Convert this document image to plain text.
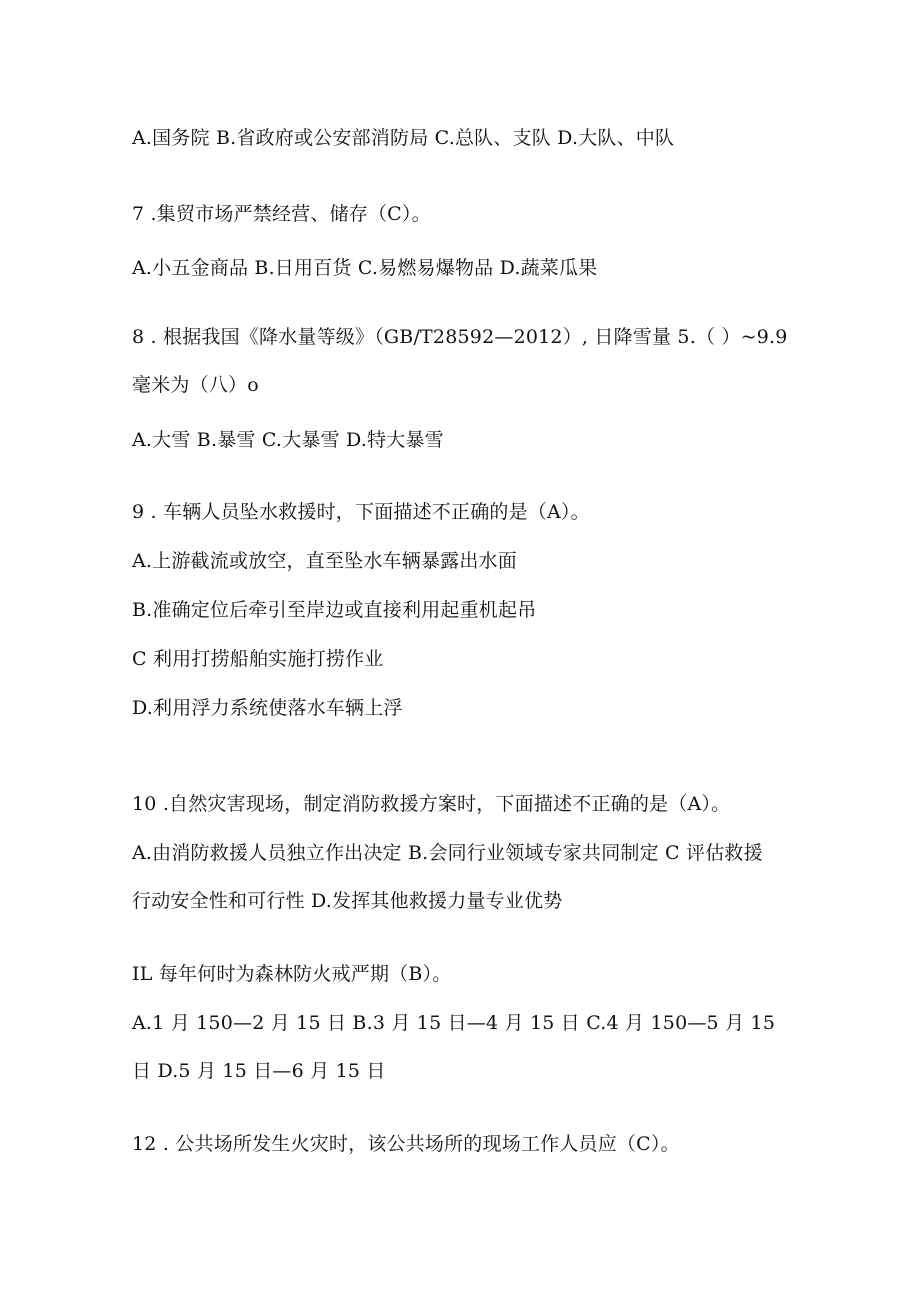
A.国务院 B.省政府或公安部消防局 C.总队、支队 D.大队、中队
7 .集贸市场严禁经营、储存（C）。
A.小五金商品 B.日用百货 C.易燃易爆物品 D.蔬菜瓜果
8 . 根据我国《降水量等级》（GB/T28592—2012）, 日降雪量 5.（ ）~9.9
毫米为（八）o
A.大雪 B.暴雪 C.大暴雪 D.特大暴雪
9 . 车辆人员坠水救援时，下面描述不正确的是（A）。
A.上游截流或放空，直至坠水车辆暴露出水面
B.准确定位后牵引至岸边或直接利用起重机起吊
C 利用打捞船舶实施打捞作业
D.利用浮力系统使落水车辆上浮
10 .自然灾害现场，制定消防救援方案时，下面描述不正确的是（A）。
A.由消防救援人员独立作出决定 B.会同行业领域专家共同制定 C 评估救援
行动安全性和可行性 D.发挥其他救援力量专业优势
IL 每年何时为森林防火戒严期（B）。
A.1 月 150—2 月 15 日 B.3 月 15 日—4 月 15 日 C.4 月 150—5 月 15
日 D.5 月 15 日—6 月 15 日
12 . 公共场所发生火灾时，该公共场所的现场工作人员应（C）。
